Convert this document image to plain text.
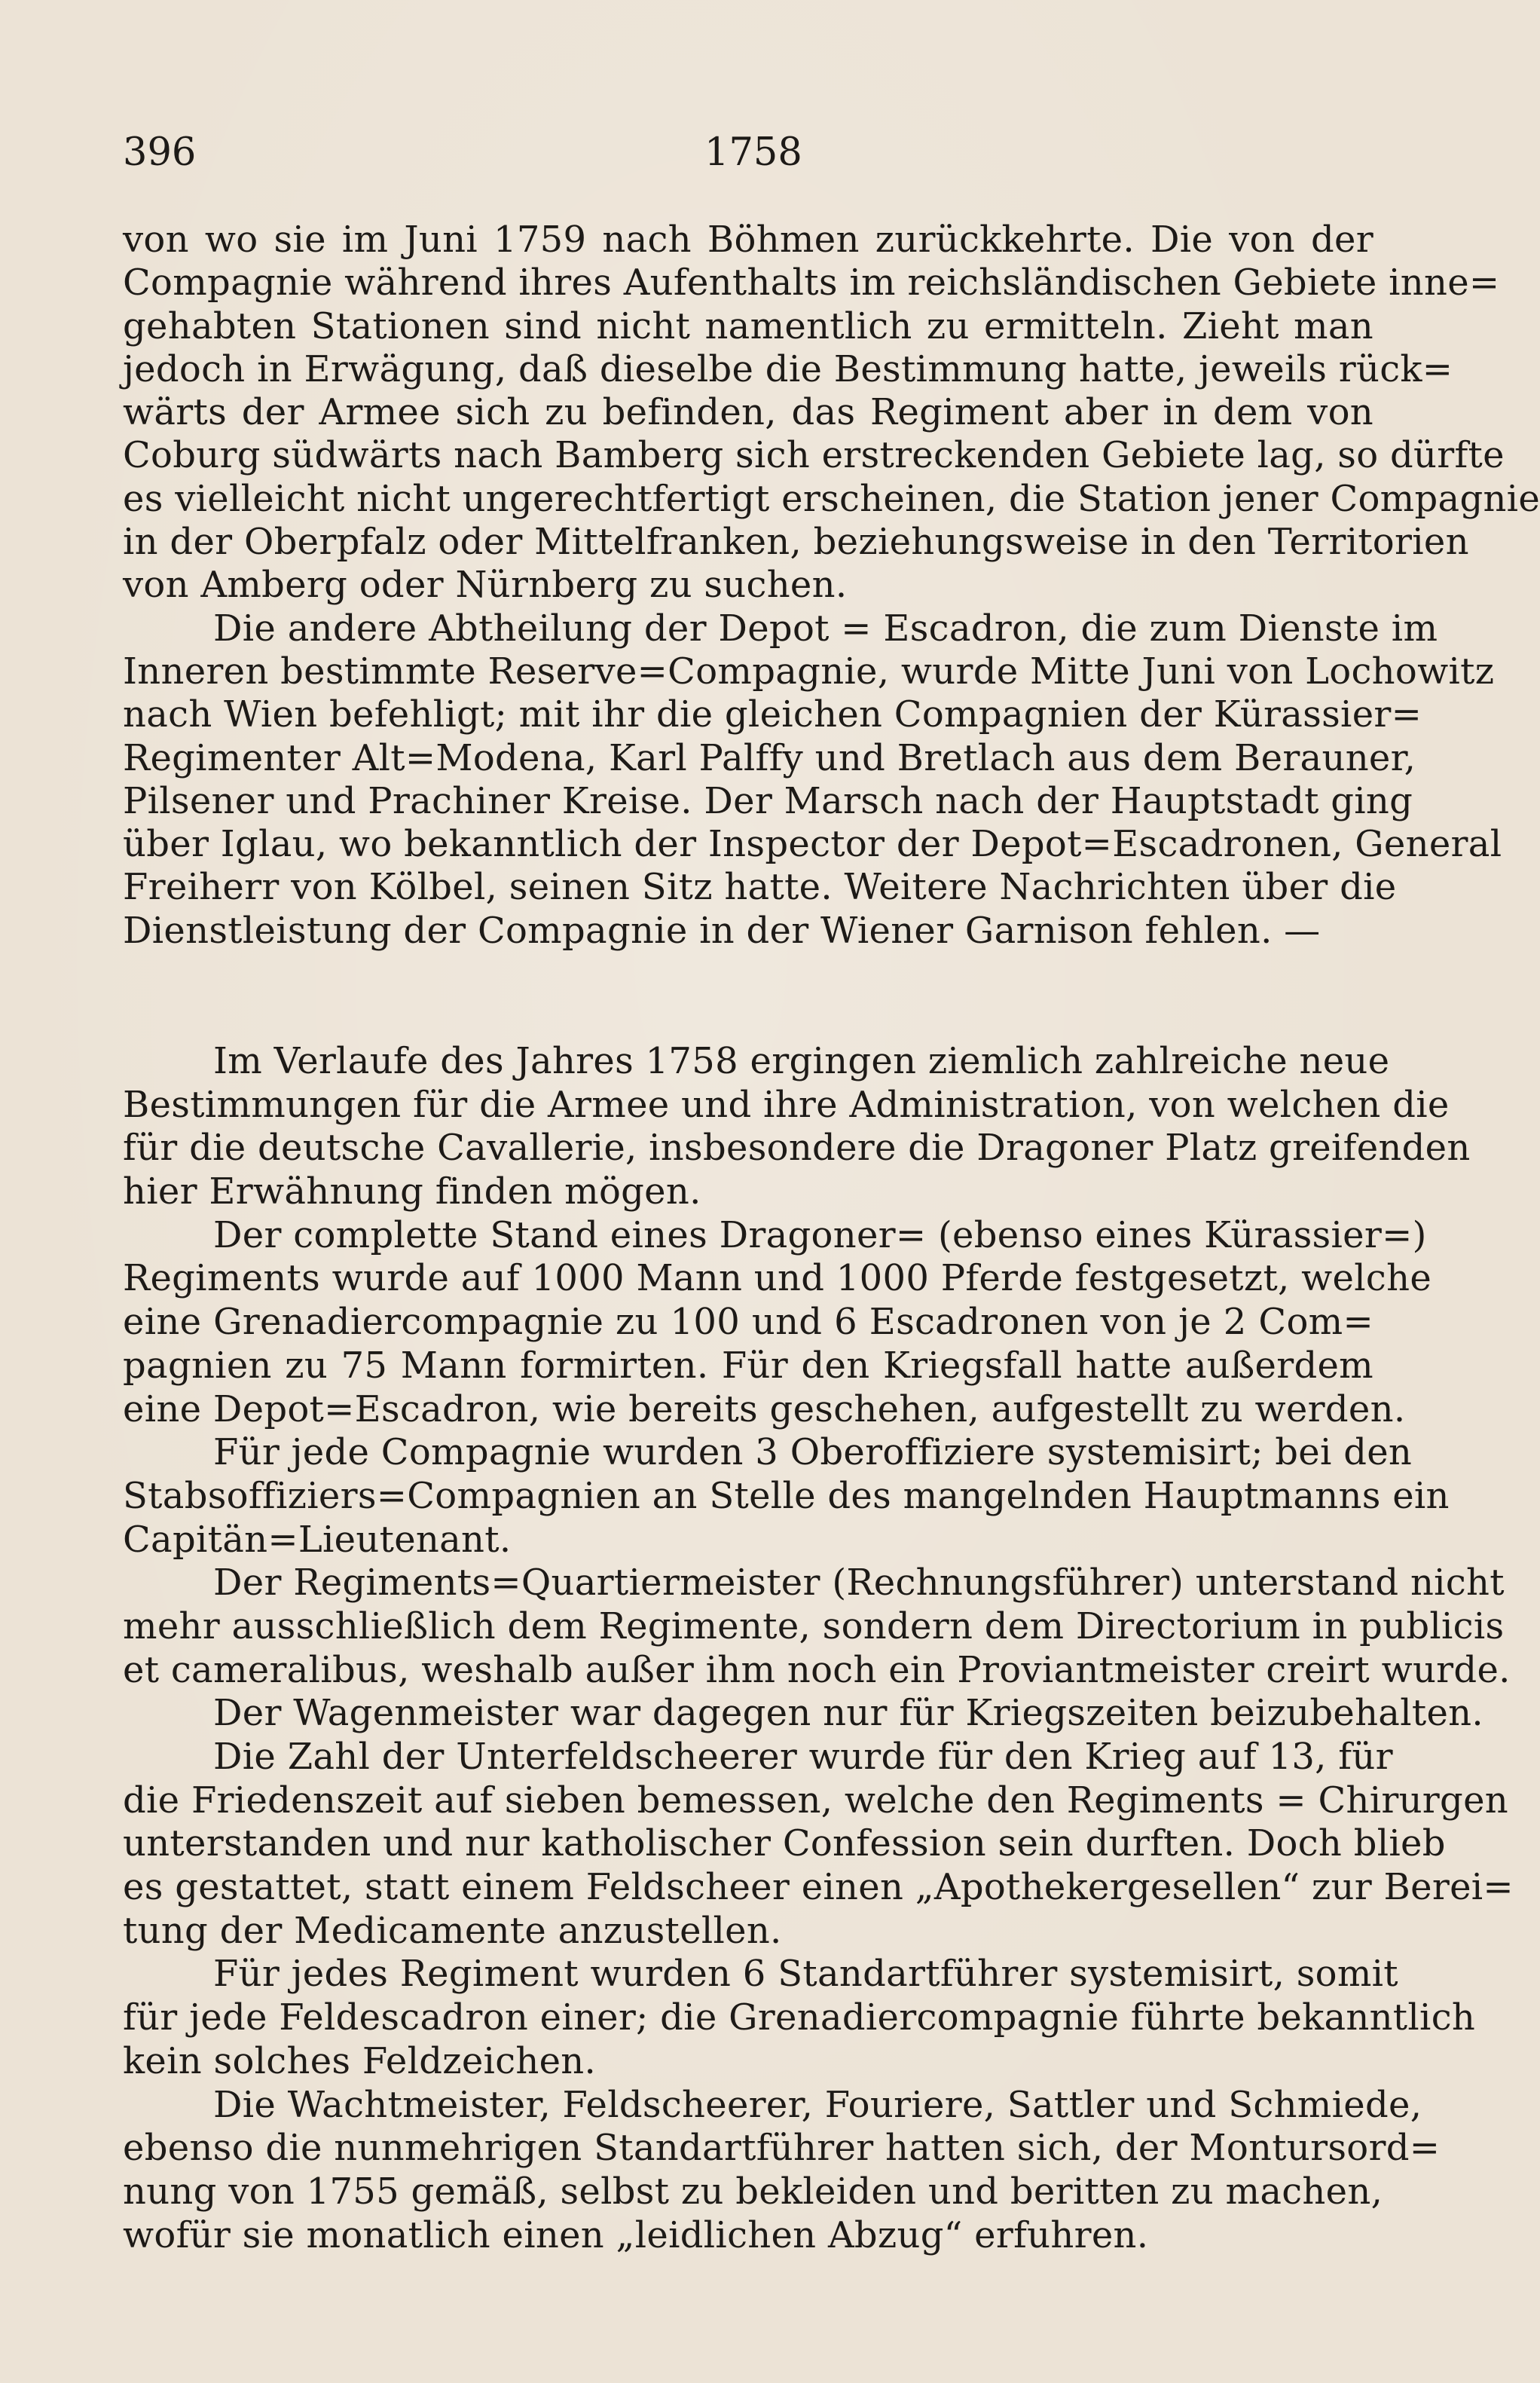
396	1758
von wo sie im Juni 1759 nach Böhmen zurückkehrte. Die von der
Compagnie während ihres Aufenthalts im reichsländischen Gebiete inne=
gehabten Stationen sind nicht namentlich zu ermitteln. Zieht man
jedoch in Erwägung, daß dieselbe die Bestimmung hatte, jeweils rück=
wärts der Armee sich zu befinden, das Regiment aber in dem von
Coburg südwärts nach Bamberg sich erstreckenden Gebiete lag, so dürfte
es vielleicht nicht ungerechtfertigt erscheinen, die Station jener Compagnie
in der Oberpfalz oder Mittelfranken, beziehungsweise in den Territorien
von Amberg oder Nürnberg zu suchen.
Die andere Abtheilung der Depot = Escadron, die zum Dienste im
Inneren bestimmte Reserve=Compagnie, wurde Mitte Juni von Lochowitz
nach Wien befehligt; mit ihr die gleichen Compagnien der Kürassier=
Regimenter Alt=Modena, Karl Palffy und Bretlach aus dem Berauner,
Pilsener und Prachiner Kreise. Der Marsch nach der Hauptstadt ging
über Iglau, wo bekanntlich der Inspector der Depot=Escadronen, General
Freiherr von Kölbel, seinen Sitz hatte. Weitere Nachrichten über die
Dienstleistung der Compagnie in der Wiener Garnison fehlen. —
Im Verlaufe des Jahres 1758 ergingen ziemlich zahlreiche neue
Bestimmungen für die Armee und ihre Administration, von welchen die
für die deutsche Cavallerie, insbesondere die Dragoner Platz greifenden
hier Erwähnung finden mögen.
Der complette Stand eines Dragoner= (ebenso eines Kürassier=)
Regiments wurde auf 1000 Mann und 1000 Pferde festgesetzt, welche
eine Grenadiercompagnie zu 100 und 6 Escadronen von je 2 Com=
pagnien zu 75 Mann formirten. Für den Kriegsfall hatte außerdem
eine Depot=Escadron, wie bereits geschehen, aufgestellt zu werden.
Für jede Compagnie wurden 3 Oberoffiziere systemisirt; bei den
Stabsoffiziers=Compagnien an Stelle des mangelnden Hauptmanns ein
Capitän=Lieutenant.
Der Regiments=Quartiermeister (Rechnungsführer) unterstand nicht
mehr ausschließlich dem Regimente, sondern dem Directorium in publicis
et cameralibus, weshalb außer ihm noch ein Proviantmeister creirt wurde.
Der Wagenmeister war dagegen nur für Kriegszeiten beizubehalten.
Die Zahl der Unterfeldscheerer wurde für den Krieg auf 13, für
die Friedenszeit auf sieben bemessen, welche den Regiments = Chirurgen
unterstanden und nur katholischer Confession sein durften. Doch blieb
es gestattet, statt einem Feldscheer einen „Apothekergesellen“ zur Berei=
tung der Medicamente anzustellen.
Für jedes Regiment wurden 6 Standartführer systemisirt, somit
für jede Feldescadron einer; die Grenadiercompagnie führte bekanntlich
kein solches Feldzeichen.
Die Wachtmeister, Feldscheerer, Fouriere, Sattler und Schmiede,
ebenso die nunmehrigen Standartführer hatten sich, der Montursord=
nung von 1755 gemäß, selbst zu bekleiden und beritten zu machen,
wofür sie monatlich einen „leidlichen Abzug“ erfuhren.
